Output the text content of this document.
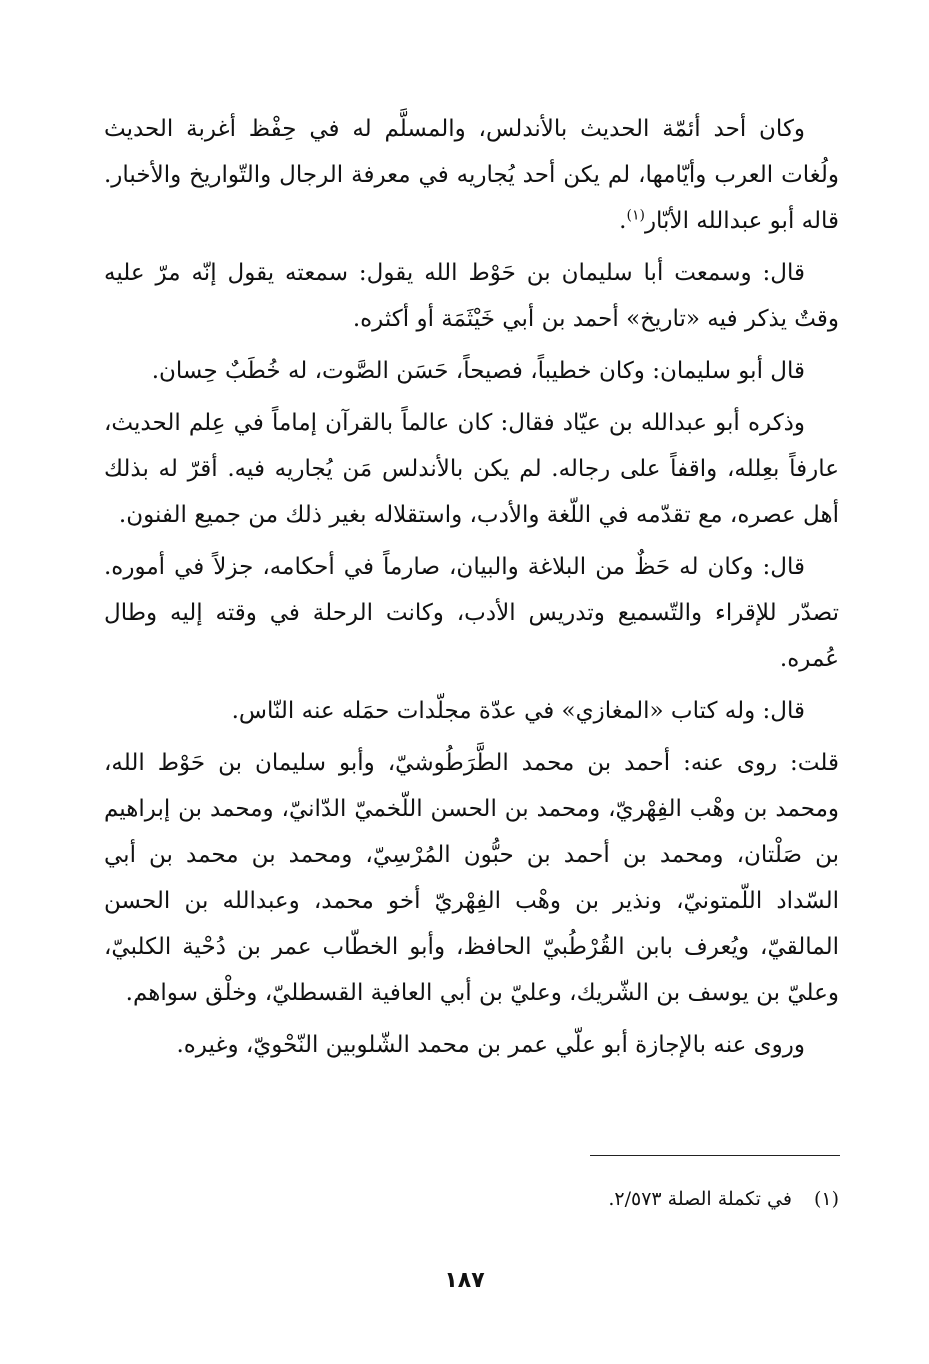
وكان أحد أئمّة الحديث بالأندلس، والمسلَّم له في حِفْظ أغربة الحديث ولُغات العرب وأيّامها، لم يكن أحد يُجاريه في معرفة الرجال والتّواريخ والأخبار. قاله أبو عبدالله الأبّار$^{(١)}$.

قال: وسمعت أبا سليمان بن حَوْط الله يقول: سمعته يقول إنّه مرّ عليه وقتٌ يذكر فيه «تاريخ» أحمد بن أبي خَيْثَمَة أو أكثره.

قال أبو سليمان: وكان خطيباً، فصيحاً، حَسَن الصَّوت، له خُطَبٌ حِسان.

وذكره أبو عبدالله بن عيّاد فقال: كان عالماً بالقرآن إماماً في عِلم الحديث، عارفاً بعِلله، واقفاً على رجاله. لم يكن بالأندلس مَن يُجاريه فيه. أقرّ له بذلك أهل عصره، مع تقدّمه في اللّغة والأدب، واستقلاله بغير ذلك من جميع الفنون.

قال: وكان له حَظٌ من البلاغة والبيان، صارماً في أحكامه، جزلاً في أموره. تصدّر للإقراء والتّسميع وتدريس الأدب، وكانت الرحلة في وقته إليه وطال عُمره.

قال: وله كتاب «المغازي» في عدّة مجلّدات حمَله عنه النّاس.

قلت: روى عنه: أحمد بن محمد الطَّرَطُوشيّ، وأبو سليمان بن حَوْط الله، ومحمد بن وهْب الفِهْريّ، ومحمد بن الحسن اللّخميّ الدّانيّ، ومحمد بن إبراهيم بن صَلْتان، ومحمد بن أحمد بن حبُّون المُرْسِيّ، ومحمد بن محمد بن أبي السّداد اللّمتونيّ، ونذير بن وهْب الفِهْريّ أخو محمد، وعبدالله بن الحسن المالقيّ، ويُعرف بابن القُرْطُبيّ الحافظ، وأبو الخطّاب عمر بن دُحْية الكلبيّ، وعليّ بن يوسف بن الشّريك، وعليّ بن أبي العافية القسطليّ، وخلْق سواهم.

وروى عنه بالإجازة أبو علّي عمر بن محمد الشّلوبين النّحْويّ، وغيره.

(١)في تكملة الصلة ٢/٥٧٣.
١٨٧
